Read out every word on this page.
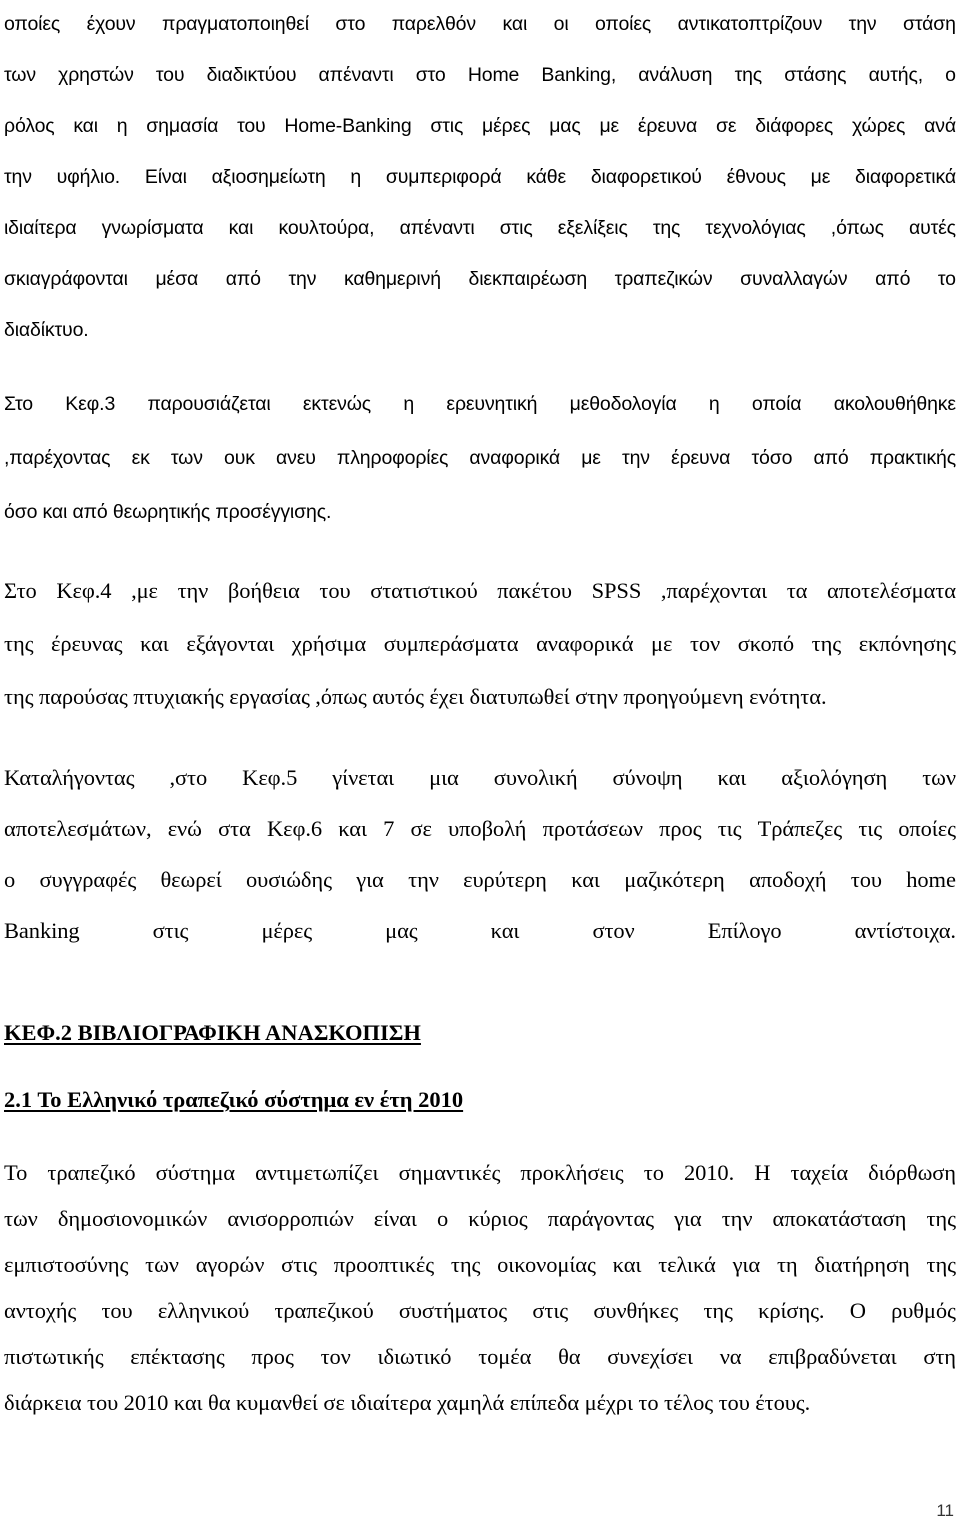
οποίες έχουν πραγματοποιηθεί στο παρελθόν και οι οποίες αντικατοπτρίζουν την στάση
των χρηστών του διαδικτύου απέναντι στο Home Banking, ανάλυση της στάσης αυτής, ο
ρόλος και η σημασία του Home-Banking στις μέρες μας με έρευνα σε διάφορες χώρες ανά
την υφήλιο. Είναι αξιοσημείωτη η συμπεριφορά κάθε διαφορετικού έθνους με διαφορετικά
ιδιαίτερα γνωρίσματα και κουλτούρα, απέναντι στις εξελίξεις της τεχνολόγιας ,όπως αυτές
σκιαγράφονται μέσα από την καθημερινή διεκπαιρέωση τραπεζικών συναλλαγών από το
διαδίκτυο.
Στο Κεφ.3 παρουσιάζεται εκτενώς η ερευνητική μεθοδολογία η οποία ακολουθήθηκε
,παρέχοντας εκ των ουκ ανευ πληροφορίες αναφορικά με την έρευνα τόσο από πρακτικής
όσο και από θεωρητικής προσέγγισης.
Στο Κεφ.4 ,με την βοήθεια του στατιστικού πακέτου SPSS ,παρέχονται τα αποτελέσματα
της έρευνας και εξάγονται χρήσιμα συμπεράσματα αναφορικά με τον σκοπό της εκπόνησης
της παρούσας πτυχιακής εργασίας ,όπως αυτός έχει διατυπωθεί στην προηγούμενη ενότητα.
Καταλήγοντας ,στο Κεφ.5 γίνεται μια συνολική σύνοψη και αξιολόγηση των
αποτελεσμάτων, ενώ στα Κεφ.6 και 7 σε υποβολή προτάσεων προς τις Τράπεζες τις οποίες
ο συγγραφές θεωρεί ουσιώδης για την ευρύτερη και μαζικότερη αποδοχή του home
Banking	στις	μέρες	μας	και	στον	Επίλογο	αντίστοιχα.
ΚΕΦ.2 ΒΙΒΛΙΟΓΡΑΦΙΚΗ ΑΝΑΣΚΟΠΙΣΗ
2.1 Το Ελληνικό τραπεζικό σύστημα εν έτη 2010
Το τραπεζικό σύστημα αντιμετωπίζει σημαντικές προκλήσεις το 2010. Η ταχεία διόρθωση
των δημοσιονομικών ανισορροπιών είναι ο κύριος παράγοντας για την αποκατάσταση της
εμπιστοσύνης των αγορών στις προοπτικές της οικονομίας και τελικά για τη διατήρηση της
αντοχής του ελληνικού τραπεζικού συστήματος στις συνθήκες της κρίσης. Ο ρυθμός
πιστωτικής επέκτασης προς τον ιδιωτικό τομέα θα συνεχίσει να επιβραδύνεται στη
διάρκεια του 2010 και θα κυμανθεί σε ιδιαίτερα χαμηλά επίπεδα μέχρι το τέλος του έτους.
11
